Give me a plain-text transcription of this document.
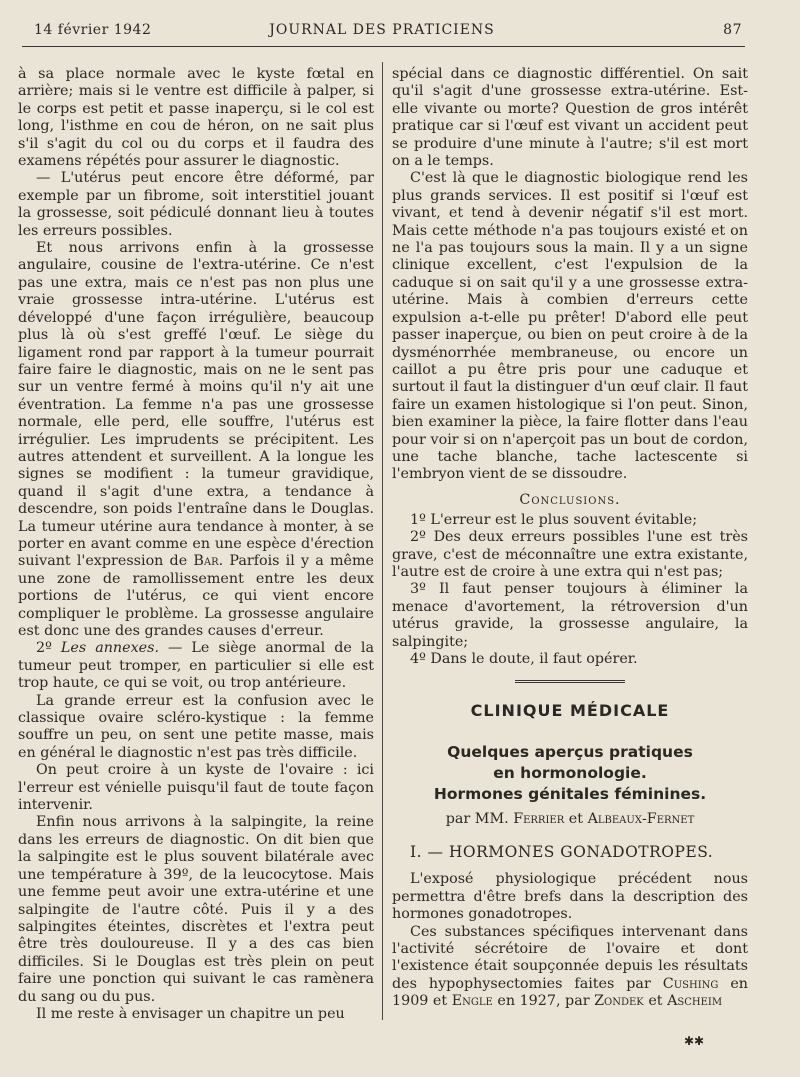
14 février 1942	JOURNAL DES PRATICIENS	87

à sa place normale avec le kyste fœtal en arrière; mais si le ventre est difficile à palper, si le corps est petit et passe inaperçu, si le col est long, l'isthme en cou de héron, on ne sait plus s'il s'agit du col ou du corps et il faudra des examens répétés pour assurer le diagnostic.

— L'utérus peut encore être déformé, par exemple par un fibrome, soit interstitiel jouant la grossesse, soit pédiculé donnant lieu à toutes les erreurs possibles.

Et nous arrivons enfin à la grossesse angulaire, cousine de l'extra-utérine. Ce n'est pas une extra, mais ce n'est pas non plus une vraie grossesse intra-utérine. L'utérus est développé d'une façon irrégulière, beaucoup plus là où s'est greffé l'œuf. Le siège du ligament rond par rapport à la tumeur pourrait faire faire le diagnostic, mais on ne le sent pas sur un ventre fermé à moins qu'il n'y ait une éventration. La femme n'a pas une grossesse normale, elle perd, elle souffre, l'utérus est irrégulier. Les imprudents se précipitent. Les autres attendent et surveillent. A la longue les signes se modifient : la tumeur gravidique, quand il s'agit d'une extra, a tendance à descendre, son poids l'entraîne dans le Douglas. La tumeur utérine aura tendance à monter, à se porter en avant comme en une espèce d'érection suivant l'expression de Bar. Parfois il y a même une zone de ramollissement entre les deux portions de l'utérus, ce qui vient encore compliquer le problème. La grossesse angulaire est donc une des grandes causes d'erreur.

2º Les annexes. — Le siège anormal de la tumeur peut tromper, en particulier si elle est trop haute, ce qui se voit, ou trop antérieure.

La grande erreur est la confusion avec le classique ovaire scléro-kystique : la femme souffre un peu, on sent une petite masse, mais en général le diagnostic n'est pas très difficile.

On peut croire à un kyste de l'ovaire : ici l'erreur est vénielle puisqu'il faut de toute façon intervenir.

Enfin nous arrivons à la salpingite, la reine dans les erreurs de diagnostic. On dit bien que la salpingite est le plus souvent bilatérale avec une température à 39º, de la leucocytose. Mais une femme peut avoir une extra-utérine et une salpingite de l'autre côté. Puis il y a des salpingites éteintes, discrètes et l'extra peut être très douloureuse. Il y a des cas bien difficiles. Si le Douglas est très plein on peut faire une ponction qui suivant le cas ramènera du sang ou du pus.

Il me reste à envisager un chapitre un peu

spécial dans ce diagnostic différentiel. On sait qu'il s'agit d'une grossesse extra-utérine. Est-elle vivante ou morte? Question de gros intérêt pratique car si l'œuf est vivant un accident peut se produire d'une minute à l'autre; s'il est mort on a le temps.

C'est là que le diagnostic biologique rend les plus grands services. Il est positif si l'œuf est vivant, et tend à devenir négatif s'il est mort. Mais cette méthode n'a pas toujours existé et on ne l'a pas toujours sous la main. Il y a un signe clinique excellent, c'est l'expulsion de la caduque si on sait qu'il y a une grossesse extra-utérine. Mais à combien d'erreurs cette expulsion a-t-elle pu prêter! D'abord elle peut passer inaperçue, ou bien on peut croire à de la dysménorrhée membraneuse, ou encore un caillot a pu être pris pour une caduque et surtout il faut la distinguer d'un œuf clair. Il faut faire un examen histologique si l'on peut. Sinon, bien examiner la pièce, la faire flotter dans l'eau pour voir si on n'aperçoit pas un bout de cordon, une tache blanche, tache lactescente si l'embryon vient de se dissoudre.

Conclusions.

1º L'erreur est le plus souvent évitable;

2º Des deux erreurs possibles l'une est très grave, c'est de méconnaître une extra existante, l'autre est de croire à une extra qui n'est pas;

3º Il faut penser toujours à éliminer la menace d'avortement, la rétroversion d'un utérus gravide, la grossesse angulaire, la salpingite;

4º Dans le doute, il faut opérer.

CLINIQUE MÉDICALE
Quelques aperçus pratiques
en hormonologie.
Hormones génitales féminines.
par MM. Ferrier et Albeaux-Fernet
I. — HORMONES GONADOTROPES.

L'exposé physiologique précédent nous permettra d'être brefs dans la description des hormones gonadotropes.

Ces substances spécifiques intervenant dans l'activité sécrétoire de l'ovaire et dont l'existence était soupçonnée depuis les résultats des hypophysectomies faites par Cushing en 1909 et Engle en 1927, par Zondek et Ascheim

✱✱
